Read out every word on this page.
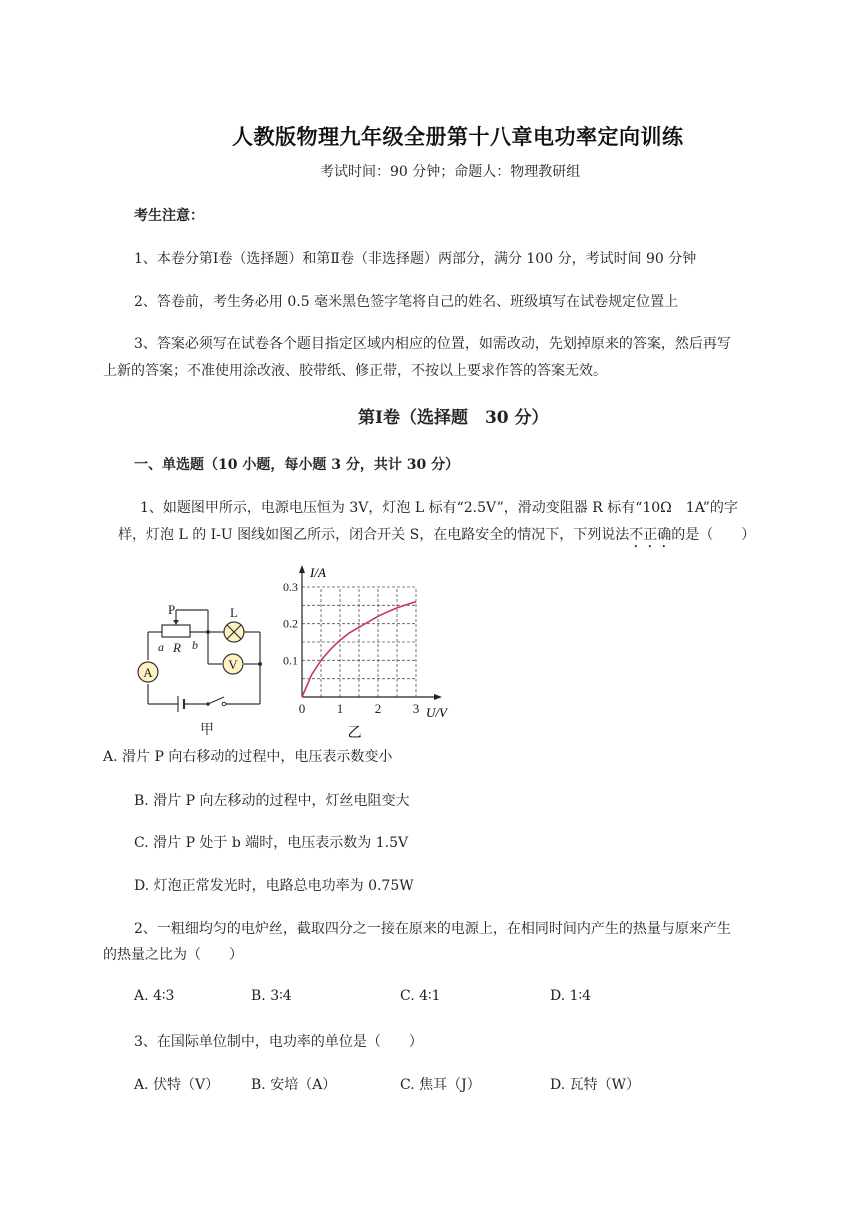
人教版物理九年级全册第十八章电功率定向训练
考试时间：90 分钟；命题人：物理教研组
考生注意：
1、本卷分第Ⅰ卷（选择题）和第Ⅱ卷（非选择题）两部分，满分 100 分，考试时间 90 分钟
2、答卷前，考生务必用 0.5 毫米黑色签字笔将自己的姓名、班级填写在试卷规定位置上
3、答案必须写在试卷各个题目指定区域内相应的位置，如需改动，先划掉原来的答案，然后再写
上新的答案；不准使用涂改液、胶带纸、修正带，不按以上要求作答的答案无效。
第Ⅰ卷（选择题　30 分）
一、单选题（10 小题，每小题 3 分，共计 30 分）
1、如题图甲所示，电源电压恒为 3V，灯泡 L 标有“2.5V”，滑动变阻器 R 标有“10Ω　1A”的字
样，灯泡 L 的 I-U 图线如图乙所示，闭合开关 S，在电路安全的情况下，下列说法不正确的是（　　）
V
A
P	L
a R b
甲
0 1 2 3
0.1
0.2
0.3
I/A
U/V
乙
A. 滑片 P 向右移动的过程中，电压表示数变小
B. 滑片 P 向左移动的过程中，灯丝电阻变大
C. 滑片 P 处于 b 端时，电压表示数为 1.5V
D. 灯泡正常发光时，电路总电功率为 0.75W
2、一粗细均匀的电炉丝，截取四分之一接在原来的电源上，在相同时间内产生的热量与原来产生
的热量之比为（　　）
A. 4∶3	B. 3∶4	C. 4∶1	D. 1∶4
3、在国际单位制中，电功率的单位是（　　）
A. 伏特（V） B. 安培（A）	C. 焦耳（J）	D. 瓦特（W）
